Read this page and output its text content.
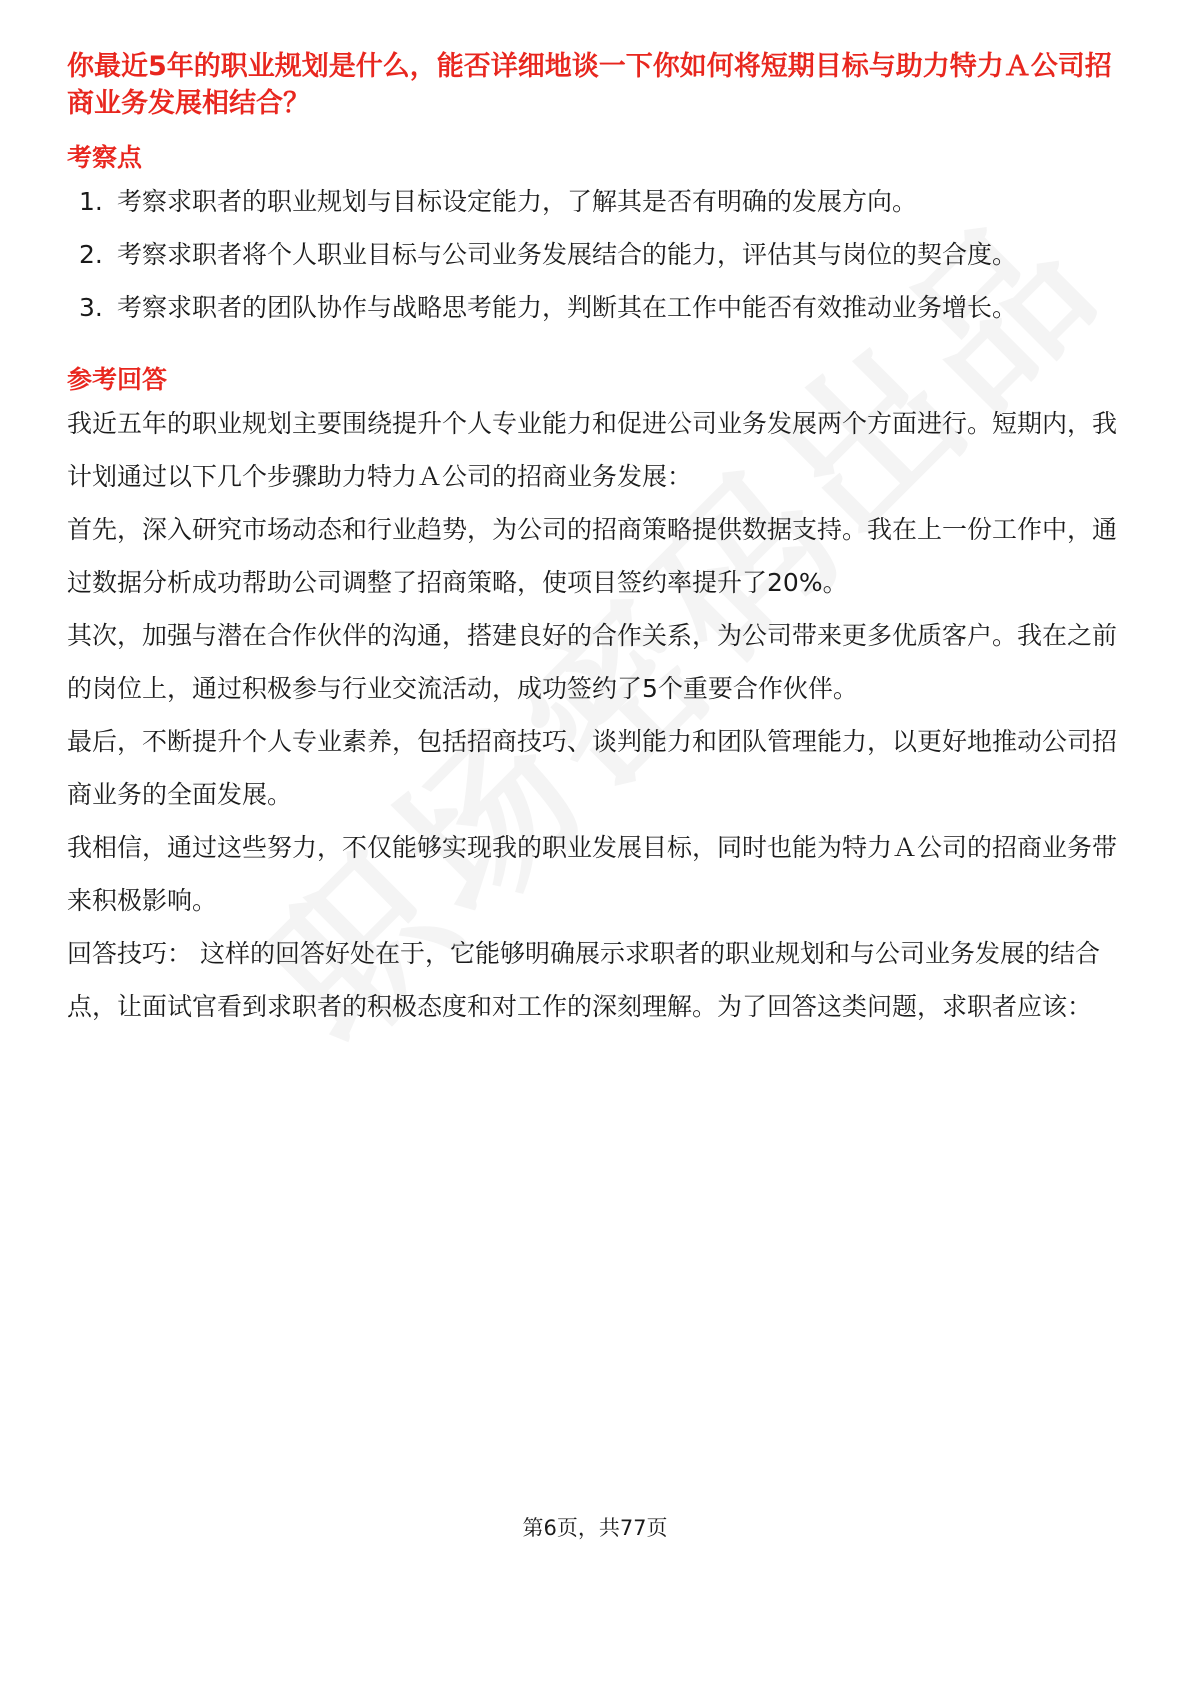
你最近5年的职业规划是什么，能否详细地谈一下你如何将短期目标与助力特力Ａ公司招商业务发展相结合？

考察点

1. 考察求职者的职业规划与目标设定能力，了解其是否有明确的发展方向。
2. 考察求职者将个人职业目标与公司业务发展结合的能力，评估其与岗位的契合度。
3. 考察求职者的团队协作与战略思考能力，判断其在工作中能否有效推动业务增长。

参考回答

我近五年的职业规划主要围绕提升个人专业能力和促进公司业务发展两个方面进行。短期内，我计划通过以下几个步骤助力特力Ａ公司的招商业务发展：

首先，深入研究市场动态和行业趋势，为公司的招商策略提供数据支持。我在上一份工作中，通过数据分析成功帮助公司调整了招商策略，使项目签约率提升了20%。

其次，加强与潜在合作伙伴的沟通，搭建良好的合作关系，为公司带来更多优质客户。我在之前的岗位上，通过积极参与行业交流活动，成功签约了5个重要合作伙伴。

最后，不断提升个人专业素养，包括招商技巧、谈判能力和团队管理能力，以更好地推动公司招商业务的全面发展。

我相信，通过这些努力，不仅能够实现我的职业发展目标，同时也能为特力Ａ公司的招商业务带来积极影响。

回答技巧： 这样的回答好处在于，它能够明确展示求职者的职业规划和与公司业务发展的结合点，让面试官看到求职者的积极态度和对工作的深刻理解。为了回答这类问题，求职者应该：

第6页，共77页
